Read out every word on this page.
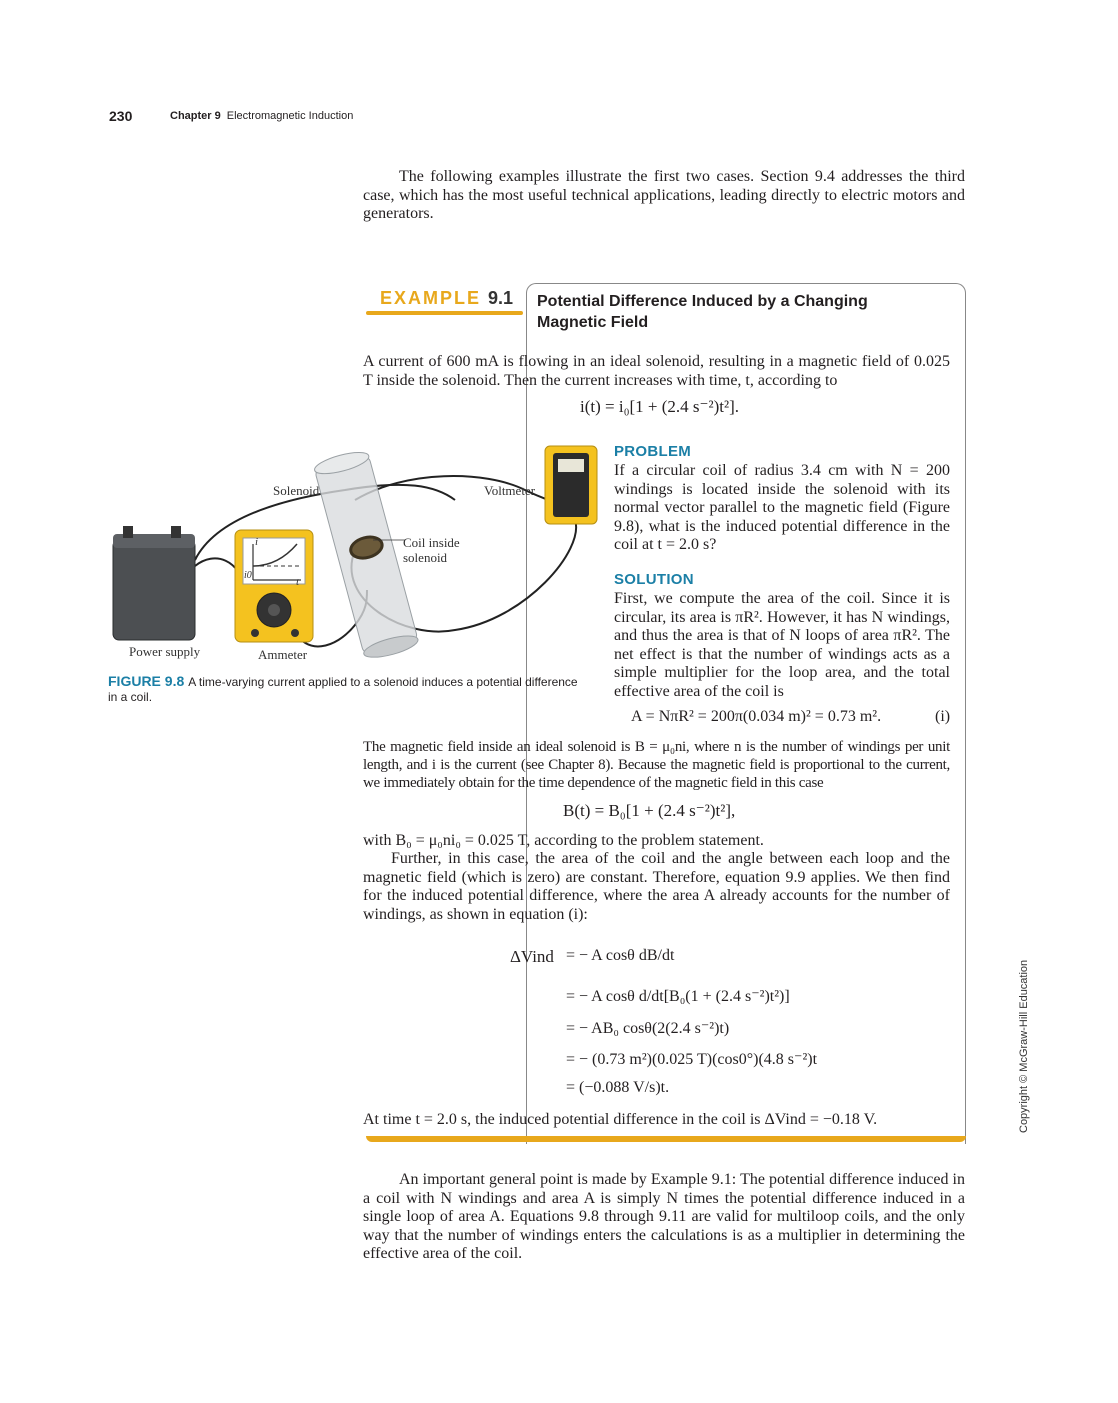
230	Chapter 9 Electromagnetic Induction
The following examples illustrate the first two cases. Section 9.4 addresses the third case, which has the most useful technical applications, leading directly to electric motors and generators.
EXAMPLE 9.1 Potential Difference Induced by a Changing Magnetic Field
A current of 600 mA is flowing in an ideal solenoid, resulting in a magnetic field of 0.025 T inside the solenoid. Then the current increases with time, t, according to
i(t) = i₀[1 + (2.4 s⁻²)t²].
Solenoid	Voltmeter
Coil inside
solenoid
Power supply	Ammeter
i
t
i0
FIGURE 9.8 A time-varying current applied to a solenoid induces a potential difference in a coil.
PROBLEM
If a circular coil of radius 3.4 cm with N = 200 windings is located inside the solenoid with its normal vector parallel to the magnetic field (Figure 9.8), what is the induced potential difference in the coil at t = 2.0 s?
SOLUTION
First, we compute the area of the coil. Since it is circular, its area is πR². However, it has N windings, and thus the area is that of N loops of area πR². The net effect is that the number of windings acts as a simple multiplier for the loop area, and the total effective area of the coil is
A = NπR² = 200π(0.034 m)² = 0.73 m².	(i)
The magnetic field inside an ideal solenoid is B = μ₀ni, where n is the number of windings per unit length, and i is the current (see Chapter 8). Because the magnetic field is proportional to the current, we immediately obtain for the time dependence of the magnetic field in this case
B(t) = B₀[1 + (2.4 s⁻²)t²],
with B₀ = μ₀ni₀ = 0.025 T, according to the problem statement.
Further, in this case, the area of the coil and the angle between each loop and the magnetic field (which is zero) are constant. Therefore, equation 9.9 applies. We then find for the induced potential difference, where the area A already accounts for the number of windings, as shown in equation (i):
ΔVind = − A cosθ dB/dt
= − A cosθ d/dt[B₀(1 + (2.4 s⁻²)t²)]
= − AB₀ cosθ(2(2.4 s⁻²)t)
= − (0.73 m²)(0.025 T)(cos0°)(4.8 s⁻²)t
= (−0.088 V/s)t.
At time t = 2.0 s, the induced potential difference in the coil is ΔVind = −0.18 V.
An important general point is made by Example 9.1: The potential difference induced in a coil with N windings and area A is simply N times the potential difference induced in a single loop of area A. Equations 9.8 through 9.11 are valid for multiloop coils, and the only way that the number of windings enters the calculations is as a multiplier in determining the effective area of the coil.
Copyright © McGraw-Hill Education
